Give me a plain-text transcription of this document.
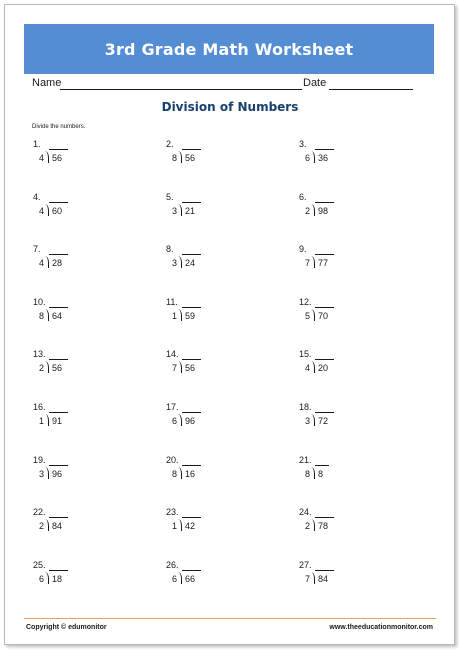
3rd Grade Math Worksheet
Name	Date
Division of Numbers
Divide the numbers.
1.
4 56
2.
8 56
3.
6 36
4.
4 60
5.
3 21
6.
2 98
7.
4 28
8.
3 24
9.
7 77
10.
8 64
11.
1 59
12.
5 70
13.
2 56
14.
7 56
15.
4 20
16.
1 91
17.
6 96
18.
3 72
19.
3 96
20.
8 16
21.
8 8
22.
2 84
23.
1 42
24.
2 78
25.
6 18
26.
6 66
27.
7 84
Copyright © edumonitor	www.theeducationmonitor.com
